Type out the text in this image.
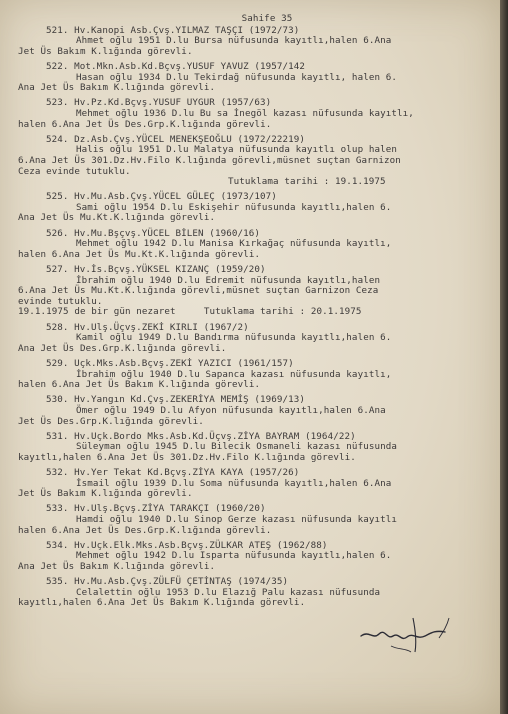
Sahife 35
521. Hv.Kanopi Asb.Çvş.YILMAZ TAŞÇI (1972/73)
Ahmet oğlu 1951 D.lu Bursa nüfusunda kayıtlı,halen 6.Ana
Jet Üs Bakım K.lığında görevli.
522. Mot.Mkn.Asb.Kd.Bçvş.YUSUF YAVUZ (1957/142
Hasan oğlu 1934 D.lu Tekirdağ nüfusunda kayıtlı, halen 6.
Ana Jet Üs Bakım K.lığında görevli.
523. Hv.Pz.Kd.Bçvş.YUSUF UYGUR (1957/63)
Mehmet oğlu 1936 D.lu Bu sa İnegöl kazası nüfusunda kayıtlı,
halen 6.Ana Jet Üs Des.Grp.K.lığında görevli.
524. Dz.Asb.Çvş.YÜCEL MENEKŞEOĞLU (1972/22219)
Halis oğlu 1951 D.lu Malatya nüfusunda kayıtlı olup halen
6.Ana Jet Üs 301.Dz.Hv.Filo K.lığında görevli,müsnet suçtan Garnizon
Ceza evinde tutuklu.
Tutuklama tarihi : 19.1.1975
525. Hv.Mu.Asb.Çvş.YÜCEL GÜLEÇ (1973/107)
Sami oğlu 1954 D.lu Eskişehir nüfusunda kayıtlı,halen 6.
Ana Jet Üs Mu.Kt.K.lığında görevli.
526. Hv.Mu.Bşçvş.YÜCEL BİLEN (1960/16)
Mehmet oğlu 1942 D.lu Manisa Kırkağaç nüfusunda kayıtlı,
halen 6.Ana Jet Üs Mu.Kt.K.lığında görevli.
527. Hv.İs.Bçvş.YÜKSEL KIZANÇ (1959/20)
İbrahim oğlu 1940 D.lu Edremit nüfusunda kayıtlı,halen
6.Ana Jet Üs Mu.Kt.K.lığında görevli,müsnet suçtan Garnizon Ceza
evinde tutuklu.
19.1.1975 de bir gün nezaret     Tutuklama tarihi : 20.1.1975
528. Hv.Ulş.Üçvş.ZEKİ KIRLI (1967/2)
Kamil oğlu 1949 D.lu Bandırma nüfusunda kayıtlı,halen 6.
Ana Jet Üs Des.Grp.K.lığında görevli.
529. Uçk.Mks.Asb.Bçvş.ZEKİ YAZICI (1961/157)
İbrahim oğlu 1940 D.lu Sapanca kazası nüfusunda kayıtlı,
halen 6.Ana Jet Üs Bakım K.lığında görevli.
530. Hv.Yangın Kd.Çvş.ZEKERİYA MEMİŞ (1969/13)
Ömer oğlu 1949 D.lu Afyon nüfusunda kayıtlı,halen 6.Ana
Jet Üs Des.Grp.K.lığında görevli.
531. Hv.Uçk.Bordo Mks.Asb.Kd.Üçvş.ZİYA BAYRAM (1964/22)
Süleyman oğlu 1945 D.lu Bilecik Osmaneli kazası nüfusunda
kayıtlı,halen 6.Ana Jet Üs 301.Dz.Hv.Filo K.lığında görevli.
532. Hv.Yer Tekat Kd.Bçvş.ZİYA KAYA (1957/26)
İsmail oğlu 1939 D.lu Soma nüfusunda kayıtlı,halen 6.Ana
Jet Üs Bakım K.lığında görevli.
533. Hv.Ulş.Bçvş.ZİYA TARAKÇI (1960/20)
Hamdi oğlu 1940 D.lu Sinop Gerze kazası nüfusunda kayıtlı
halen 6.Ana Jet Üs Des.Grp.K.lığında görevli.
534. Hv.Uçk.Elk.Mks.Asb.Bçvş.ZÜLKAR ATEŞ (1962/88)
Mehmet oğlu 1942 D.lu Isparta nüfusunda kayıtlı,halen 6.
Ana Jet Üs Bakım K.lığında görevli.
535. Hv.Mu.Asb.Çvş.ZÜLFÜ ÇETİNTAŞ (1974/35)
Celalettin oğlu 1953 D.lu Elazığ Palu kazası nüfusunda
kayıtlı,halen 6.Ana Jet Üs Bakım K.lığında görevli.
